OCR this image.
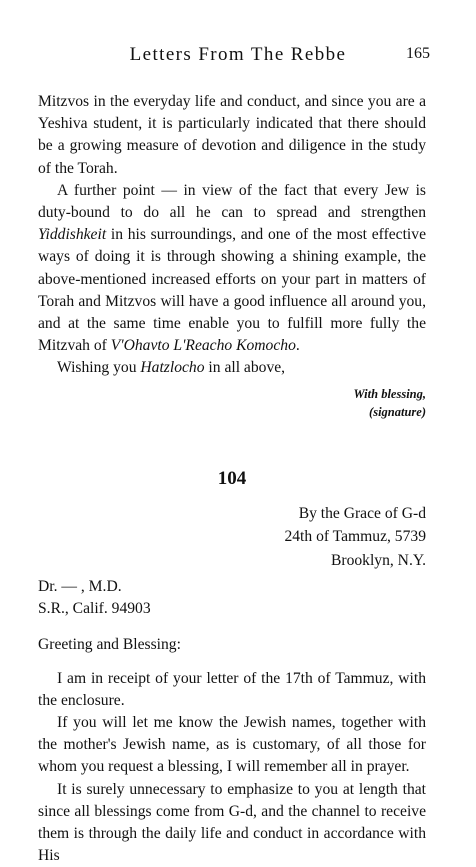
Letters From The Rebbe	165

Mitzvos in the everyday life and conduct, and since you are a Yeshiva student, it is particularly indicated that there should be a growing measure of devotion and diligence in the study of the Torah.

A further point — in view of the fact that every Jew is duty-bound to do all he can to spread and strengthen Yiddishkeit in his surroundings, and one of the most effective ways of doing it is through showing a shining example, the above-mentioned increased efforts on your part in matters of Torah and Mitzvos will have a good influence all around you, and at the same time enable you to fulfill more fully the Mitzvah of V'Ohavto L'Reacho Komocho.

Wishing you Hatzlocho in all above,

With blessing,
(signature)

104

By the Grace of G-d
24th of Tammuz, 5739
Brooklyn, N.Y.

Dr. — , M.D.
S.R., Calif. 94903

Greeting and Blessing:

I am in receipt of your letter of the 17th of Tammuz, with the enclosure.

If you will let me know the Jewish names, together with the mother's Jewish name, as is customary, of all those for whom you request a blessing, I will remember all in prayer.

It is surely unnecessary to emphasize to you at length that since all blessings come from G-d, and the channel to receive them is through the daily life and conduct in accordance with His
